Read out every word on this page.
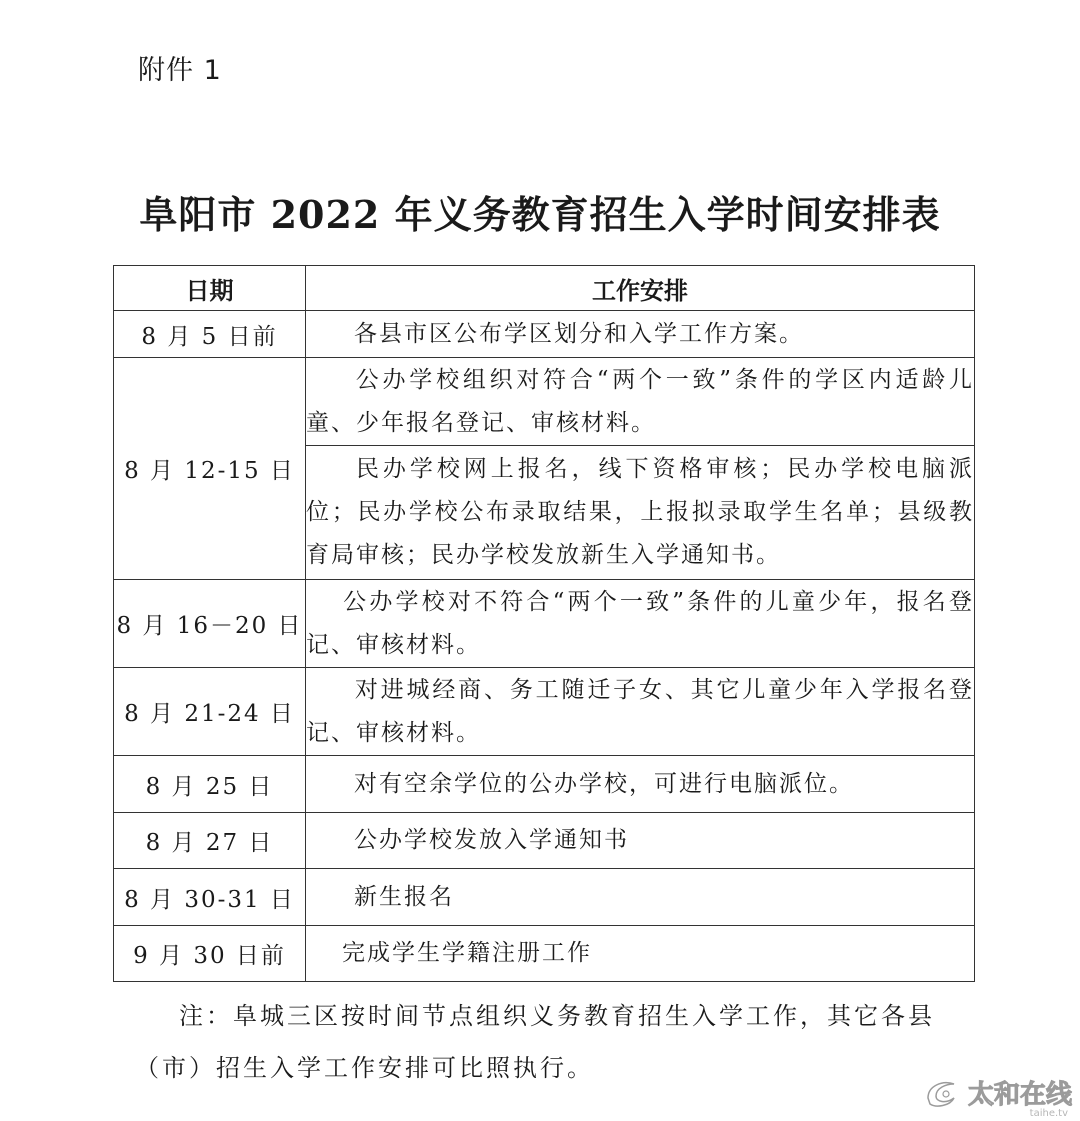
附件 1
阜阳市 2022 年义务教育招生入学时间安排表
日期	工作安排
8 月 5 日前	各县市区公布学区划分和入学工作方案。
8 月 12-15 日	公办学校组织对符合“两个一致”条件的学区内适龄儿童、少年报名登记、审核材料。
	民办学校网上报名，线下资格审核；民办学校电脑派位；民办学校公布录取结果，上报拟录取学生名单；县级教育局审核；民办学校发放新生入学通知书。
8 月 16－20 日	公办学校对不符合“两个一致”条件的儿童少年，报名登记、审核材料。
8 月 21-24 日	对进城经商、务工随迁子女、其它儿童少年入学报名登记、审核材料。
8 月 25 日	对有空余学位的公办学校，可进行电脑派位。
8 月 27 日	公办学校发放入学通知书
8 月 30-31 日	新生报名
9 月 30 日前	完成学生学籍注册工作
注：阜城三区按时间节点组织义务教育招生入学工作，其它各县（市）招生入学工作安排可比照执行。
太和在线
taihe.tv
